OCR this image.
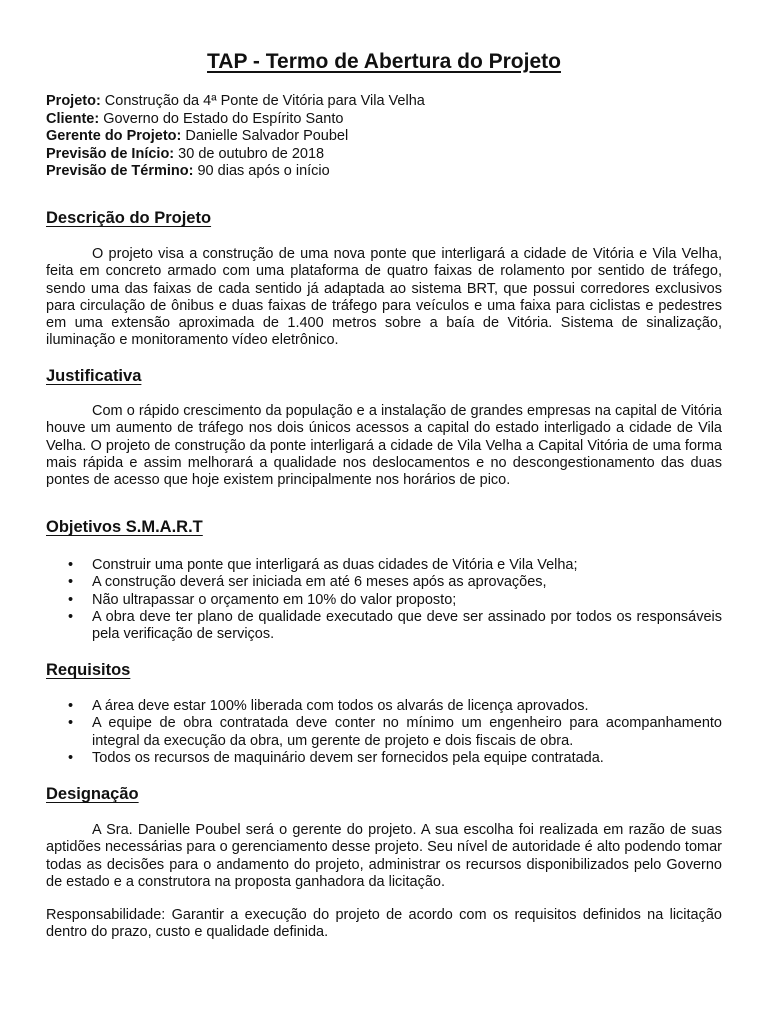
TAP - Termo de Abertura do Projeto
Projeto: Construção da 4ª Ponte de Vitória para Vila Velha
Cliente: Governo do Estado do Espírito Santo
Gerente do Projeto: Danielle Salvador Poubel
Previsão de Início: 30 de outubro de 2018
Previsão de Término: 90 dias após o início
Descrição do Projeto

O projeto visa a construção de uma nova ponte que interligará a cidade de Vitória e Vila Velha, feita em concreto armado com uma plataforma de quatro faixas de rolamento por sentido de tráfego, sendo uma das faixas de cada sentido já adaptada ao sistema BRT, que possui corredores exclusivos para circulação de ônibus e duas faixas de tráfego para veículos e uma faixa para ciclistas e pedestres em uma extensão aproximada de 1.400 metros sobre a baía de Vitória. Sistema de sinalização, iluminação e monitoramento vídeo eletrônico.

Justificativa

Com o rápido crescimento da população e a instalação de grandes empresas na capital de Vitória houve um aumento de tráfego nos dois únicos acessos a capital do estado interligado a cidade de Vila Velha. O projeto de construção da ponte interligará a cidade de Vila Velha a Capital Vitória de uma forma mais rápida e assim melhorará a qualidade nos deslocamentos e no descongestionamento das duas pontes de acesso que hoje existem principalmente nos horários de pico.

Objetivos S.M.A.R.T
• Construir uma ponte que interligará as duas cidades de Vitória e Vila Velha;
• A construção deverá ser iniciada em até 6 meses após as aprovações,
• Não ultrapassar o orçamento em 10% do valor proposto;
• A obra deve ter plano de qualidade executado que deve ser assinado por todos os responsáveis pela verificação de serviços.
Requisitos
• A área deve estar 100% liberada com todos os alvarás de licença aprovados.
• A equipe de obra contratada deve conter no mínimo um engenheiro para acompanhamento integral da execução da obra, um gerente de projeto e dois fiscais de obra.
• Todos os recursos de maquinário devem ser fornecidos pela equipe contratada.
Designação

A Sra. Danielle Poubel será o gerente do projeto. A sua escolha foi realizada em razão de suas aptidões necessárias para o gerenciamento desse projeto. Seu nível de autoridade é alto podendo tomar todas as decisões para o andamento do projeto, administrar os recursos disponibilizados pelo Governo de estado e a construtora na proposta ganhadora da licitação.

Responsabilidade: Garantir a execução do projeto de acordo com os requisitos definidos na licitação dentro do prazo, custo e qualidade definida.
